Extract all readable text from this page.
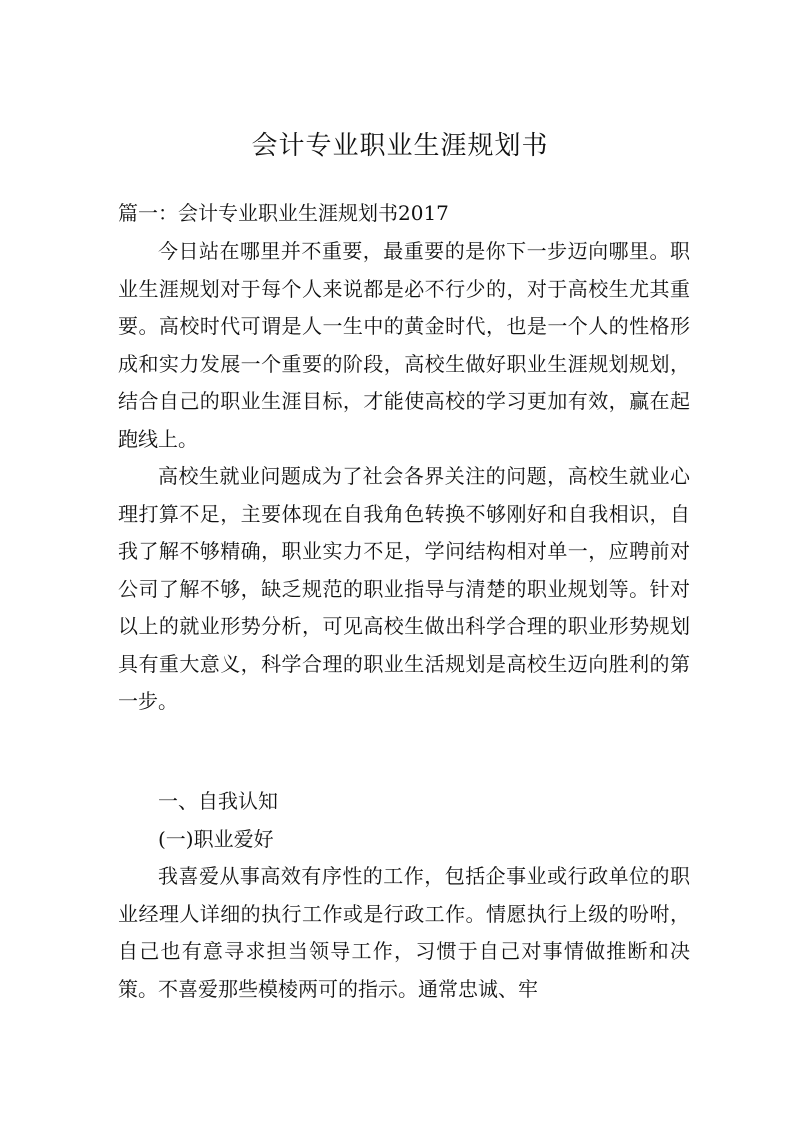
会计专业职业生涯规划书
篇一：会计专业职业生涯规划书2017

今日站在哪里并不重要，最重要的是你下一步迈向哪里。职业生涯规划对于每个人来说都是必不行少的，对于高校生尤其重要。高校时代可谓是人一生中的黄金时代，也是一个人的性格形成和实力发展一个重要的阶段，高校生做好职业生涯规划规划，结合自己的职业生涯目标，才能使高校的学习更加有效，赢在起跑线上。

高校生就业问题成为了社会各界关注的问题，高校生就业心理打算不足，主要体现在自我角色转换不够刚好和自我相识，自我了解不够精确，职业实力不足，学问结构相对单一，应聘前对公司了解不够，缺乏规范的职业指导与清楚的职业规划等。针对以上的就业形势分析，可见高校生做出科学合理的职业形势规划具有重大意义，科学合理的职业生活规划是高校生迈向胜利的第一步。

一、自我认知

(一)职业爱好

我喜爱从事高效有序性的工作，包括企事业或行政单位的职业经理人详细的执行工作或是行政工作。情愿执行上级的吩咐，自己也有意寻求担当领导工作，习惯于自己对事情做推断和决策。不喜爱那些模棱两可的指示。通常忠诚、牢
